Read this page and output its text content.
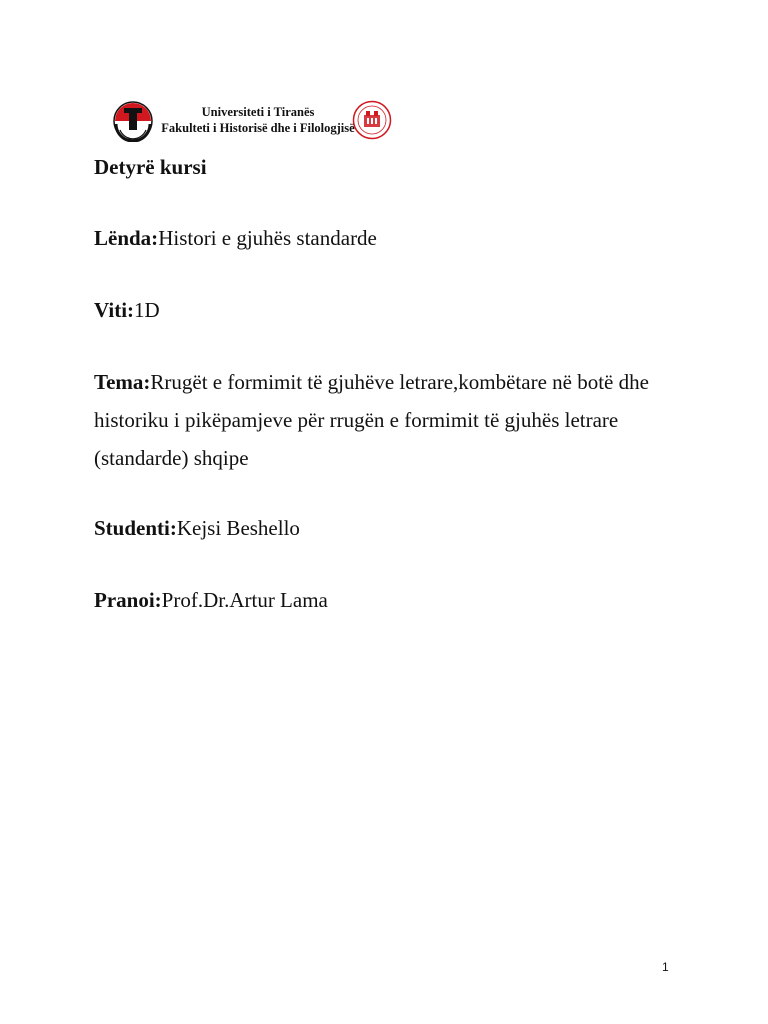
Universiteti i Tiranës
Fakulteti i Historisë dhe i Filologjisë

Detyrë kursi

Lënda:Histori e gjuhës standarde

Viti:1D

Tema:Rrugët e formimit të gjuhëve letrare,kombëtare në botë dhe historiku i pikëpamjeve për rrugën e formimit të gjuhës letrare (standarde) shqipe

Studenti:Kejsi Beshello

Pranoi:Prof.Dr.Artur Lama

1
